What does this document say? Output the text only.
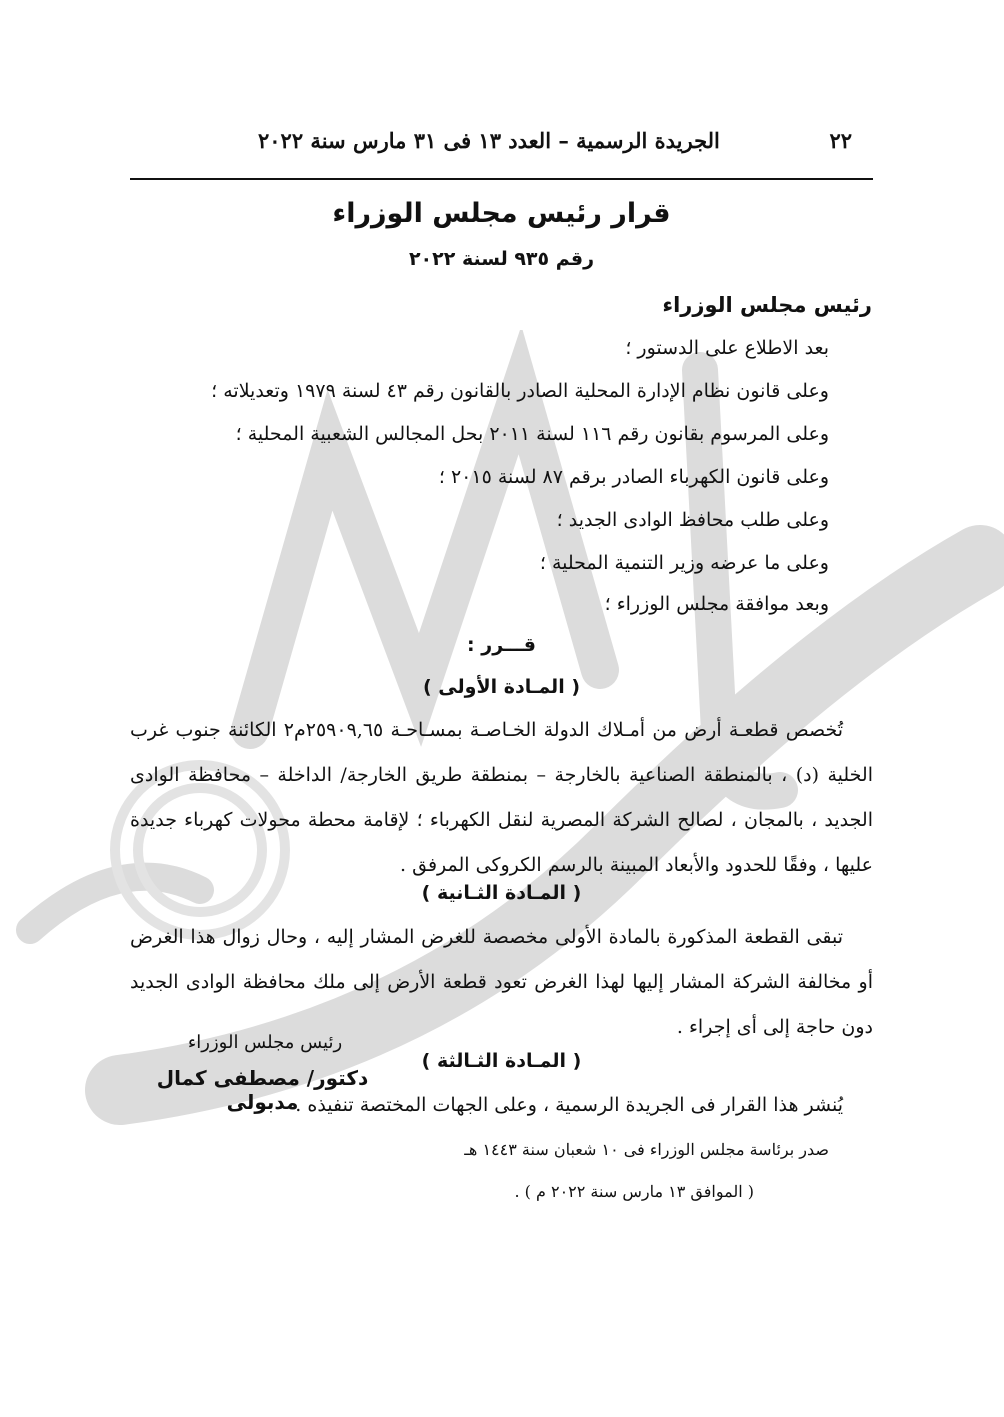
٢٢
الجريدة الرسمية – العدد ١٣ فى ٣١ مارس سنة ٢٠٢٢
قرار رئيس مجلس الوزراء
رقم ٩٣٥ لسنة ٢٠٢٢
رئيس مجلس الوزراء
بعد الاطلاع على الدستور ؛
وعلى قانون نظام الإدارة المحلية الصادر بالقانون رقم ٤٣ لسنة ١٩٧٩ وتعديلاته ؛
وعلى المرسوم بقانون رقم ١١٦ لسنة ٢٠١١ بحل المجالس الشعبية المحلية ؛
وعلى قانون الكهرباء الصادر برقم ٨٧ لسنة ٢٠١٥ ؛
وعلى طلب محافظ الوادى الجديد ؛
وعلى ما عرضه وزير التنمية المحلية ؛
وبعد موافقة مجلس الوزراء ؛
قـــرر :
( المـادة الأولى )
تُخصص قطعـة أرض من أمـلاك الدولة الخـاصـة بمسـاحـة ٢٥٩٠٩,٦٥م٢ الكائنة جنوب غرب الخلية (د) ، بالمنطقة الصناعية بالخارجة – بمنطقة طريق الخارجة/ الداخلة – محافظة الوادى الجديد ، بالمجان ، لصالح الشركة المصرية لنقل الكهرباء ؛ لإقامة محطة محولات كهرباء جديدة عليها ، وفقًا للحدود والأبعاد المبينة بالرسم الكروكى المرفق .
( المـادة الثـانية )
تبقى القطعة المذكورة بالمادة الأولى مخصصة للغرض المشار إليه ، وحال زوال هذا الغرض أو مخالفة الشركة المشار إليها لهذا الغرض تعود قطعة الأرض إلى ملك محافظة الوادى الجديد دون حاجة إلى أى إجراء .
( المـادة الثـالثة )
يُنشر هذا القرار فى الجريدة الرسمية ، وعلى الجهات المختصة تنفيذه .
صدر برئاسة مجلس الوزراء فى ١٠ شعبان سنة ١٤٤٣ هـ
( الموافق ١٣ مارس سنة ٢٠٢٢ م ) .
رئيس مجلس الوزراء
دكتور/ مصطفى كمال مدبولى
